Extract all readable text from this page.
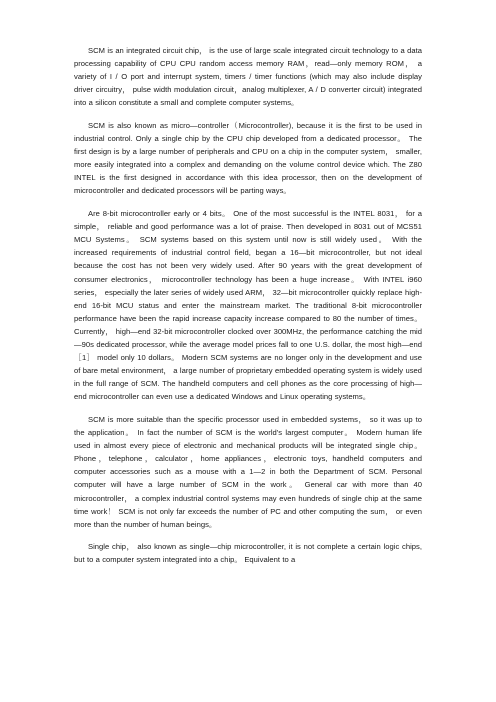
SCM is an integrated circuit chip， is the use of large scale integrated circuit technology to a data processing capability of CPU CPU random access memory RAM，read—only memory ROM， a variety of I / O port and interrupt system, timers / timer functions (which may also include display driver circuitry， pulse width modulation circuit，analog multiplexer, A / D converter circuit) integrated into a silicon constitute a small and complete computer systems。

SCM is also known as micro—controller（Microcontroller), because it is the first to be used in industrial control. Only a single chip by the CPU chip developed from a dedicated processor。 The first design is by a large number of peripherals and CPU on a chip in the computer system， smaller, more easily integrated into a complex and demanding on the volume control device which. The Z80 INTEL is the first designed in accordance with this idea processor, then on the development of microcontroller and dedicated processors will be parting ways。

Are 8-bit microcontroller early or 4 bits。 One of the most successful is the INTEL 8031， for a simple， reliable and good performance was a lot of praise. Then developed in 8031 out of MCS51 MCU Systems。 SCM systems based on this system until now is still widely used。 With the increased requirements of industrial control field, began a 16—bit microcontroller, but not ideal because the cost has not been very widely used. After 90 years with the great development of consumer electronics， microcontroller technology has been a huge increase。 With INTEL i960 series， especially the later series of widely used ARM， 32—bit microcontroller quickly replace high-end 16-bit MCU status and enter the mainstream market. The traditional 8-bit microcontroller performance have been the rapid increase capacity increase compared to 80 the number of times。 Currently， high—end 32-bit microcontroller clocked over 300MHz, the performance catching the mid—90s dedicated processor, while the average model prices fall to one U.S. dollar, the most high—end ［1］ model only 10 dollars。 Modern SCM systems are no longer only in the development and use of bare metal environment， a large number of proprietary embedded operating system is widely used in the full range of SCM. The handheld computers and cell phones as the core processing of high—end microcontroller can even use a dedicated Windows and Linux operating systems。

SCM is more suitable than the specific processor used in embedded systems， so it was up to the application。 In fact the number of SCM is the world's largest computer。 Modern human life used in almost every piece of electronic and mechanical products will be integrated single chip。Phone，telephone，calculator，home appliances，electronic toys, handheld computers and computer accessories such as a mouse with a 1—2 in both the Department of SCM. Personal computer will have a large number of SCM in the work。 General car with more than 40 microcontroller， a complex industrial control systems may even hundreds of single chip at the same time work！ SCM is not only far exceeds the number of PC and other computing the sum， or even more than the number of human beings。

Single chip， also known as single—chip microcontroller, it is not complete a certain logic chips, but to a computer system integrated into a chip。 Equivalent to a
